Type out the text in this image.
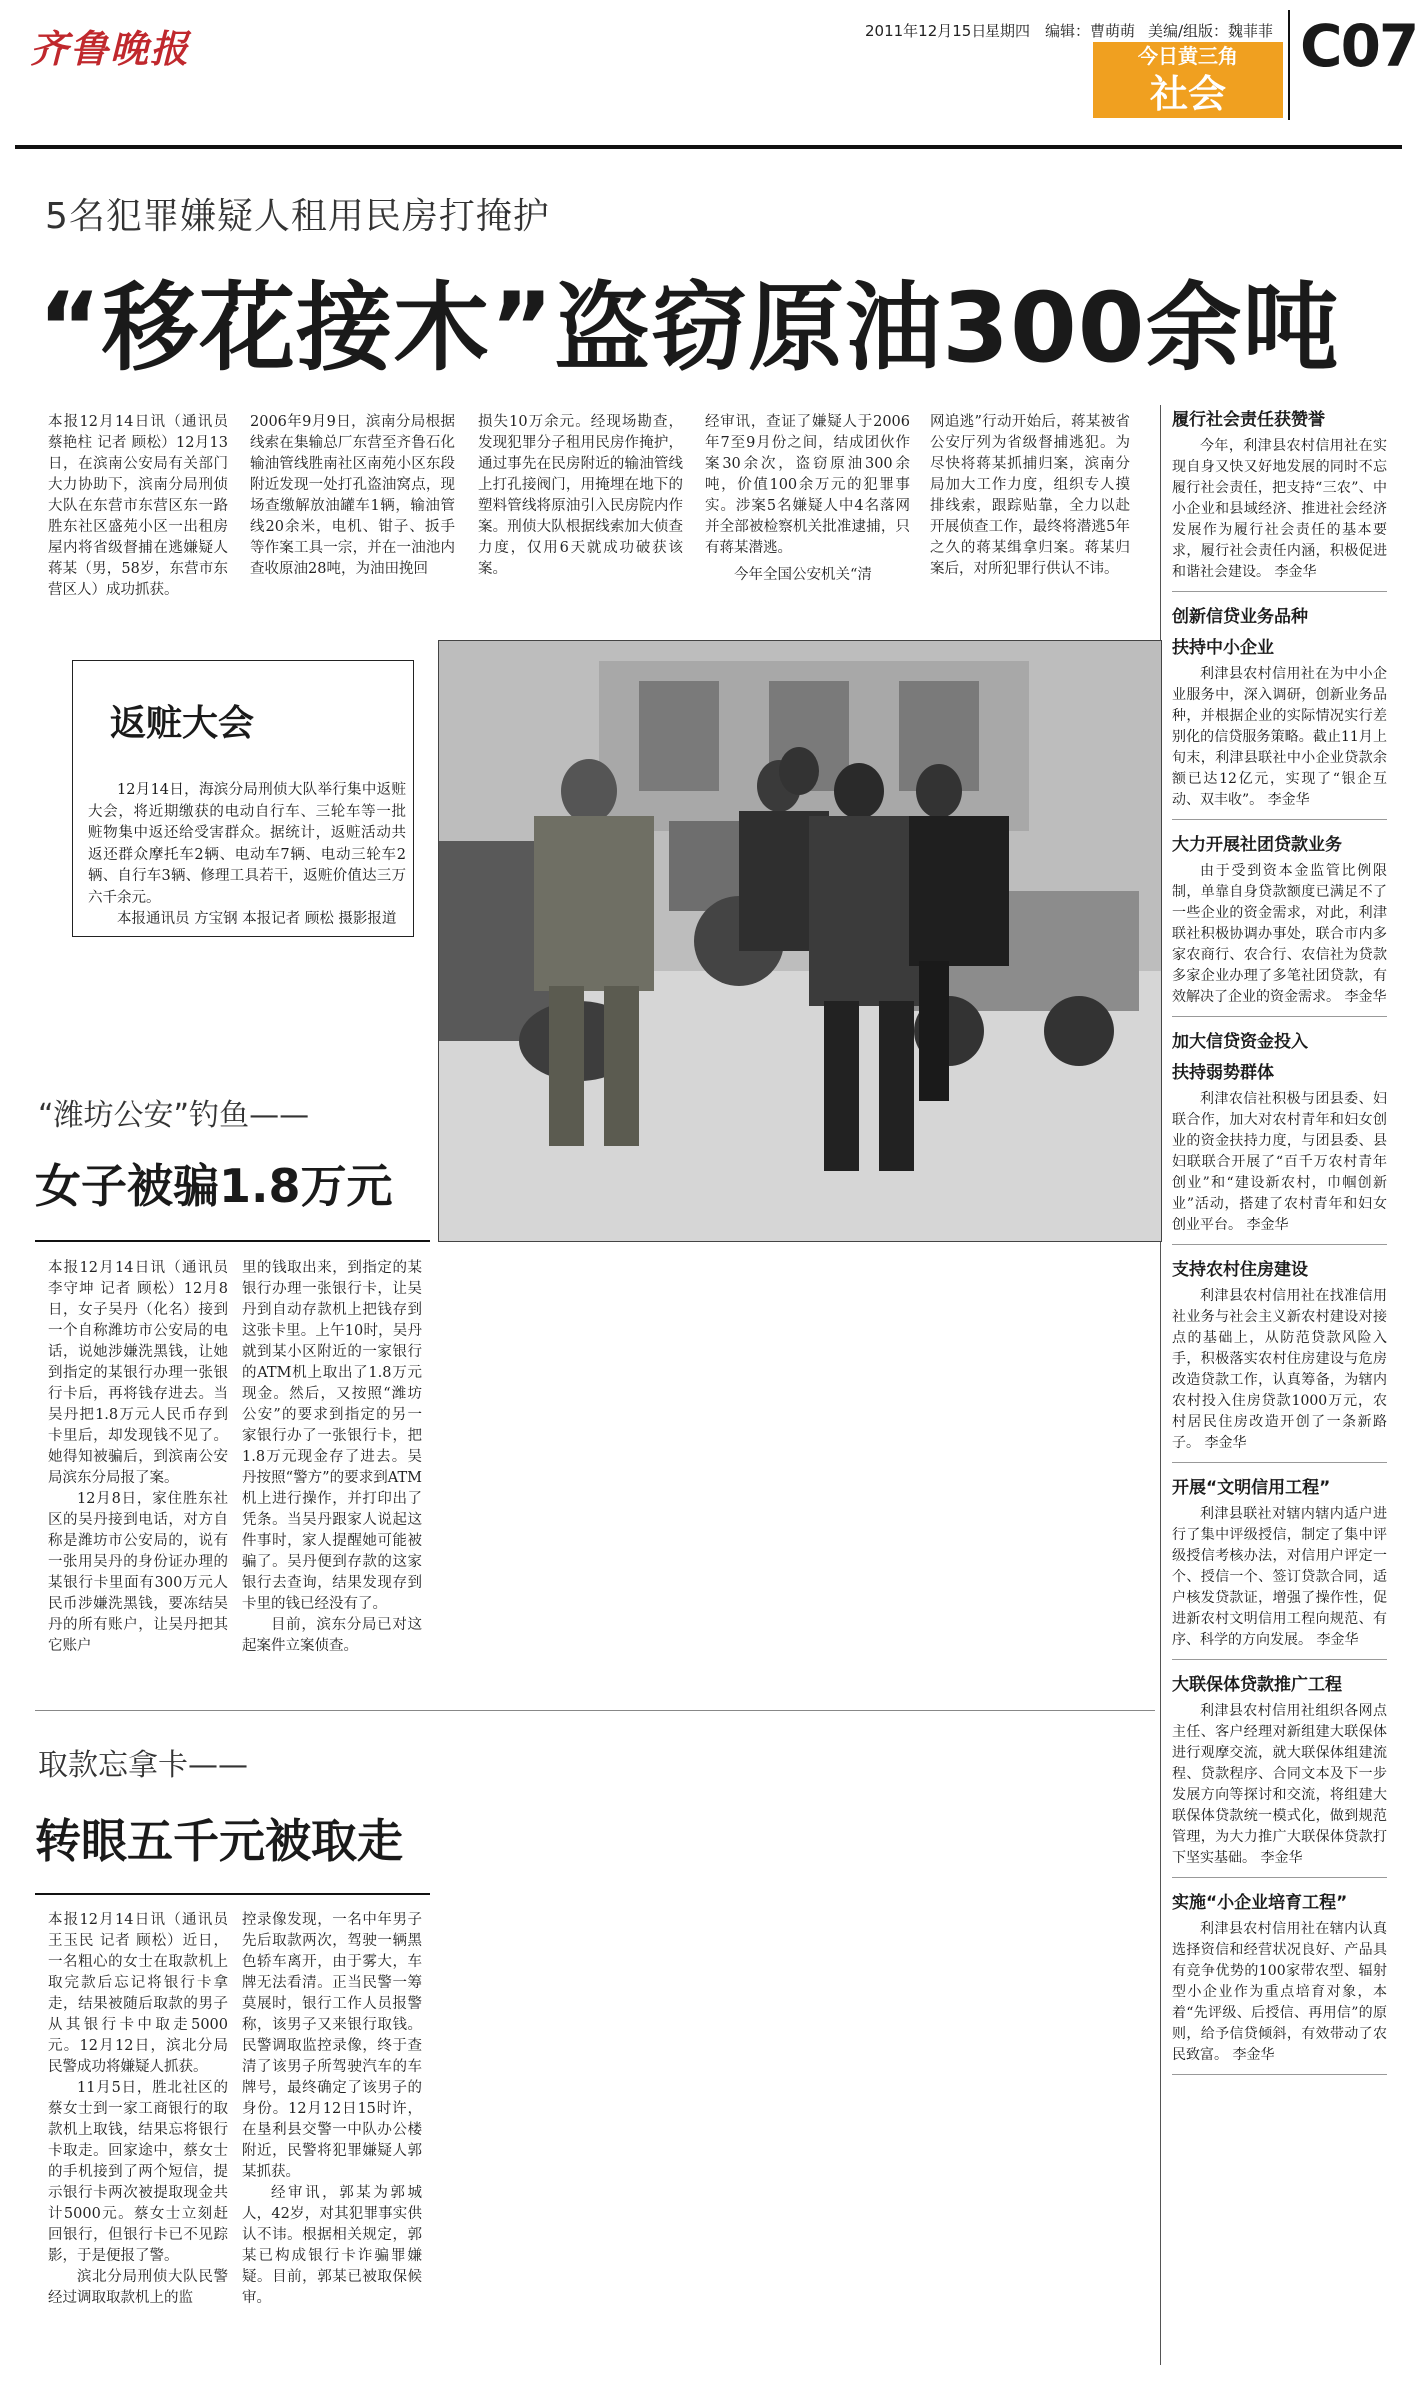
齐鲁晚报	2011年12月15日
星期四 编辑：曹萌萌 美编/组版：魏菲菲
今日黄三角
社会
C07
5名犯罪嫌疑人租用民房打掩护
“移花接木”盗窃原油300余吨
本报12月14日讯（通讯员 蔡艳柱 记者 顾松）12月13日，在滨南公安局有关部门大力协助下，滨南分局刑侦大队在东营市东营区东一路胜东社区盛苑小区一出租房屋内将省级督捕在逃嫌疑人蒋某（男，58岁，东营市东营区人）成功抓获。
2006年9月9日，滨南分局根据线索在集输总厂东营至齐鲁石化输油管线胜南社区南苑小区东段附近发现一处打孔盗油窝点，现场查缴解放油罐车1辆，输油管线20余米，电机、钳子、扳手等作案工具一宗，并在一油池内查收原油28吨，为油田挽回
损失10万余元。经现场勘查，发现犯罪分子租用民房作掩护，通过事先在民房附近的输油管线上打孔接阀门，用掩埋在地下的塑料管线将原油引入民房院内作案。刑侦大队根据线索加大侦查力度，仅用6天就成功破获该案。
经审讯，查证了嫌疑人于2006年7至9月份之间，结成团伙作案30余次，盗窃原油300余吨，价值100余万元的犯罪事实。涉案5名嫌疑人中4名落网并全部被检察机关批准逮捕，只有蒋某潜逃。
今年全国公安机关“清
网追逃”行动开始后，蒋某被省公安厅列为省级督捕逃犯。为尽快将蒋某抓捕归案，滨南分局加大工作力度，组织专人摸排线索，跟踪贴靠，全力以赴开展侦查工作，最终将潜逃5年之久的蒋某缉拿归案。蒋某归案后，对所犯罪行供认不讳。
返赃大会
12月14日，海滨分局刑侦大队举行集中返赃大会，将近期缴获的电动自行车、三轮车等一批赃物集中返还给受害群众。据统计，返赃活动共返还群众摩托车2辆、电动车7辆、电动三轮车2辆、自行车3辆、修理工具若干，返赃价值达三万六千余元。
本报通讯员 方宝钢 本报记者 顾松 摄影报道
“潍坊公安”钓鱼——
女子被骗1.8万元
本报12月14日讯（通讯员 李守坤 记者 顾松）12月8日，女子吴丹（化名）接到一个自称潍坊市公安局的电话，说她涉嫌洗黑钱，让她到指定的某银行办理一张银行卡后，再将钱存进去。当吴丹把1.8万元人民币存到卡里后，却发现钱不见了。她得知被骗后，到滨南公安局滨东分局报了案。
12月8日，家住胜东社区的吴丹接到电话，对方自称是潍坊市公安局的，说有一张用吴丹的身份证办理的某银行卡里面有300万元人民币涉嫌洗黑钱，要冻结吴丹的所有账户，让吴丹把其它账户
里的钱取出来，到指定的某银行办理一张银行卡，让吴丹到自动存款机上把钱存到这张卡里。上午10时，吴丹就到某小区附近的一家银行的ATM机上取出了1.8万元现金。然后，又按照“潍坊公安”的要求到指定的另一家银行办了一张银行卡，把1.8万元现金存了进去。吴丹按照“警方”的要求到ATM机上进行操作，并打印出了凭条。当吴丹跟家人说起这件事时，家人提醒她可能被骗了。吴丹便到存款的这家银行去查询，结果发现存到卡里的钱已经没有了。
目前，滨东分局已对这起案件立案侦查。
取款忘拿卡——
转眼五千元被取走
本报12月14日讯（通讯员 王玉民 记者 顾松）近日，一名粗心的女士在取款机上取完款后忘记将银行卡拿走，结果被随后取款的男子从其银行卡中取走5000元。12月12日，滨北分局民警成功将嫌疑人抓获。
11月5日，胜北社区的蔡女士到一家工商银行的取款机上取钱，结果忘将银行卡取走。回家途中，蔡女士的手机接到了两个短信，提示银行卡两次被提取现金共计5000元。蔡女士立刻赶回银行，但银行卡已不见踪影，于是便报了警。
滨北分局刑侦大队民警经过调取取款机上的监
控录像发现，一名中年男子先后取款两次，驾驶一辆黑色轿车离开，由于雾大，车牌无法看清。正当民警一筹莫展时，银行工作人员报警称，该男子又来银行取钱。民警调取监控录像，终于查清了该男子所驾驶汽车的车牌号，最终确定了该男子的身份。12月12日15时许，在垦利县交警一中队办公楼附近，民警将犯罪嫌疑人郭某抓获。
经审讯，郭某为郭城人，42岁，对其犯罪事实供认不讳。根据相关规定，郭某已构成银行卡诈骗罪嫌疑。目前，郭某已被取保候审。
履行社会责任获赞誉
今年，利津县农村信用社在实现自身又快又好地发展的同时不忘履行社会责任，把支持“三农”、中小企业和县域经济、推进社会经济发展作为履行社会责任的基本要求，履行社会责任内涵，积极促进和谐社会建设。 李金华
创新信贷业务品种
扶持中小企业
利津县农村信用社在为中小企业服务中，深入调研，创新业务品种，并根据企业的实际情况实行差别化的信贷服务策略。截止11月上旬末，利津县联社中小企业贷款余额已达12亿元，实现了“银企互动、双丰收”。 李金华
大力开展社团贷款业务
由于受到资本金监管比例限制，单靠自身贷款额度已满足不了一些企业的资金需求，对此，利津联社积极协调办事处，联合市内多家农商行、农合行、农信社为贷款多家企业办理了多笔社团贷款，有效解决了企业的资金需求。 李金华
加大信贷资金投入
扶持弱势群体
利津农信社积极与团县委、妇联合作，加大对农村青年和妇女创业的资金扶持力度，与团县委、县妇联联合开展了“百千万农村青年创业”和“建设新农村，巾帼创新业”活动，搭建了农村青年和妇女创业平台。 李金华
支持农村住房建设
利津县农村信用社在找准信用社业务与社会主义新农村建设对接点的基础上，从防范贷款风险入手，积极落实农村住房建设与危房改造贷款工作，认真筹备，为辖内农村投入住房贷款1000万元，农村居民住房改造开创了一条新路子。 李金华
开展“文明信用工程”
利津县联社对辖内辖内适户进行了集中评级授信，制定了集中评级授信考核办法，对信用户评定一个、授信一个、签订贷款合同，适户核发贷款证，增强了操作性，促进新农村文明信用工程向规范、有序、科学的方向发展。 李金华
大联保体贷款推广工程
利津县农村信用社组织各网点主任、客户经理对新组建大联保体进行观摩交流，就大联保体组建流程、贷款程序、合同文本及下一步发展方向等探讨和交流，将组建大联保体贷款统一模式化，做到规范管理，为大力推广大联保体贷款打下坚实基础。 李金华
实施“小企业培育工程”
利津县农村信用社在辖内认真选择资信和经营状况良好、产品具有竞争优势的100家带农型、辐射型小企业作为重点培育对象，本着“先评级、后授信、再用信”的原则，给予信贷倾斜，有效带动了农民致富。 李金华
